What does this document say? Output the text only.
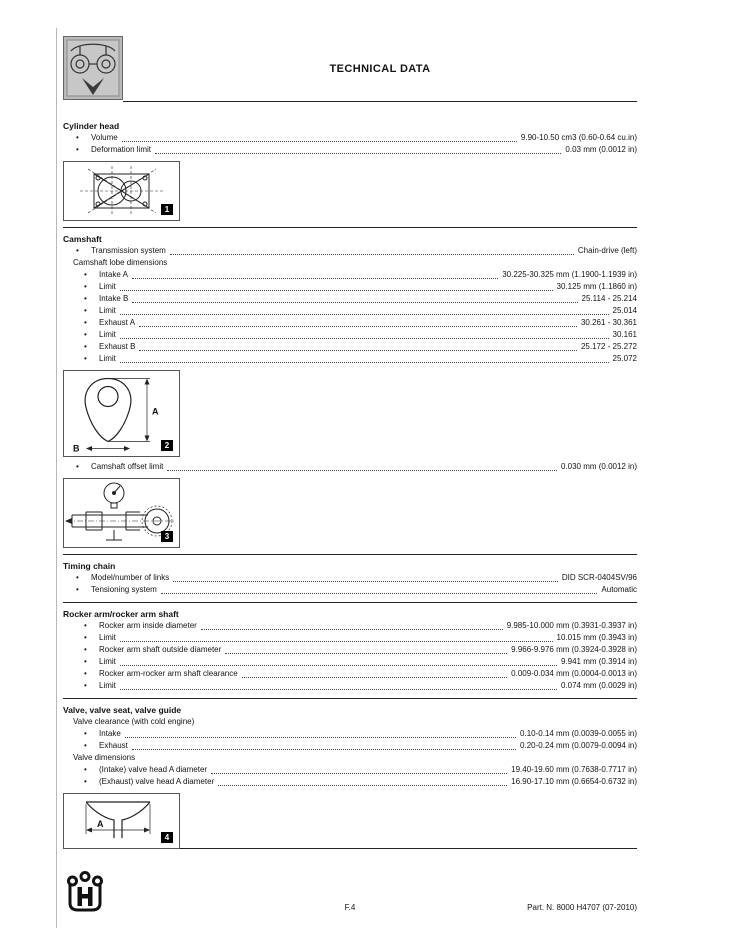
TECHNICAL DATA
Cylinder head
•	Volume	9.90-10.50 cm3 (0.60-0.64 cu.in)
•	Deformation limit	0.03 mm (0.0012 in)
1
Camshaft
•	Transmission system	Chain-drive (left)
Camshaft lobe dimensions
•	Intake A	30.225-30.325 mm (1.1900-1.1939 in)
•	Limit	30.125 mm (1.1860 in)
•	Intake B	25.114 - 25.214
•	Limit	25.014
•	Exhaust A	30.261 - 30.361
•	Limit	30.161
•	Exhaust B	25.172 - 25.272
•	Limit	25.072
A
B	2
•	Camshaft offset limit	0.030 mm (0.0012 in)
3
Timing chain
•	Model/number of links	DID SCR-0404SV/96
•	Tensioning system	Automatic
Rocker arm/rocker arm shaft
•	Rocker arm inside diameter	9.985-10.000 mm (0.3931-0.3937 in)
•	Limit	10.015 mm (0.3943 in)
•	Rocker arm shaft outside diameter	9.966-9.976 mm (0.3924-0.3928 in)
•	Limit	9.941 mm (0.3914 in)
•	Rocker arm-rocker arm shaft clearance	0.009-0.034 mm (0.0004-0.0013 in)
•	Limit	0.074 mm (0.0029 in)
Valve, valve seat, valve guide
Valve clearance (with cold engine)
•	Intake	0.10-0.14 mm (0.0039-0.0055 in)
•	Exhaust	0.20-0.24 mm (0.0079-0.0094 in)
Valve dimensions
•	(Intake) valve head A diameter	19.40-19.60 mm (0.7638-0.7717 in)
•	(Exhaust) valve head A diameter	16.90-17.10 mm (0.6654-0.6732 in)
A
4
F.4	Part. N. 8000 H4707 (07-2010)
